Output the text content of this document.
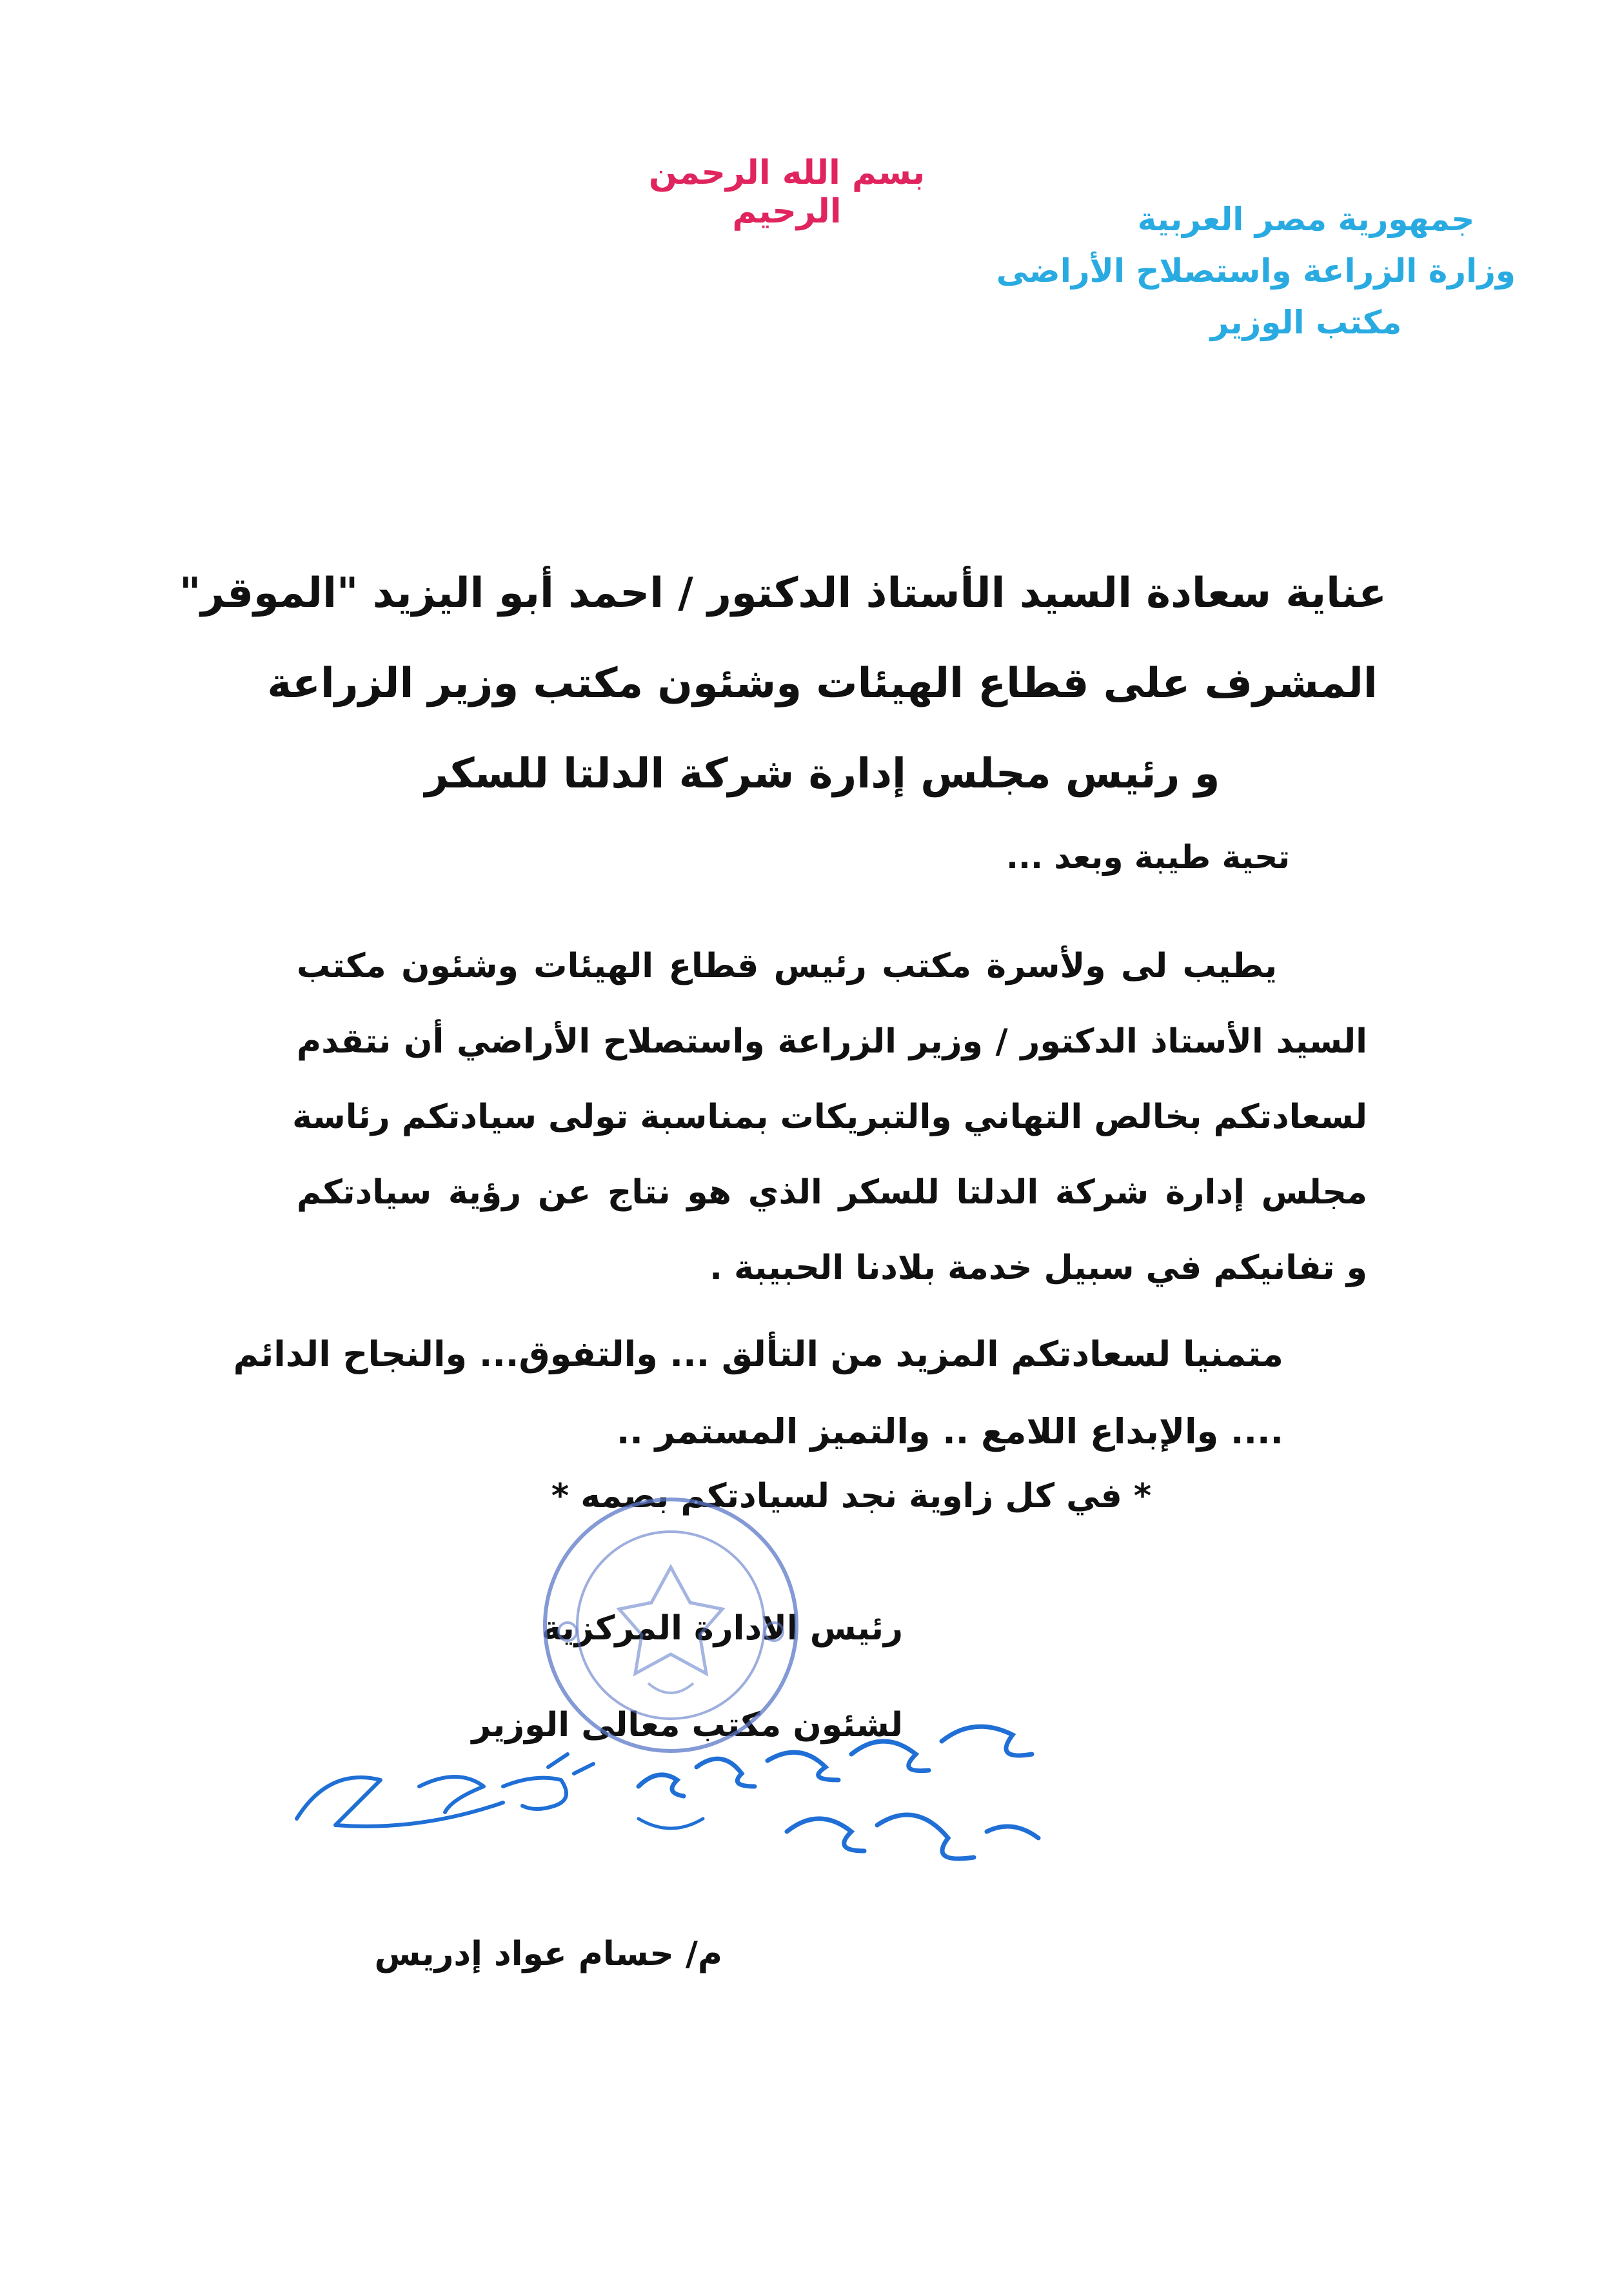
بسم الله الرحمن الرحيم	جمهورية مصر العربية
وزارة الزراعة واستصلاح الأراضى
مكتب الوزير
عناية سعادة السيد الأستاذ الدكتور / احمد أبو اليزيد "الموقر"
المشرف على قطاع الهيئات وشئون مكتب وزير الزراعة
و رئيس مجلس إدارة شركة الدلتا للسكر
تحية طيبة وبعد ...
يطيب لى ولأسرة مكتب رئيس قطاع الهيئات وشئون مكتب
السيد الأستاذ الدكتور / وزير الزراعة واستصلاح الأراضي أن نتقدم
لسعادتكم بخالص التهاني والتبريكات بمناسبة تولى سيادتكم رئاسة
مجلس إدارة شركة الدلتا للسكر الذي هو نتاج عن رؤية سيادتكم
و تفانيكم في سبيل خدمة بلادنا الحبيبة .
متمنيا لسعادتكم المزيد من التألق ... والتفوق... والنجاح الدائم
.... والإبداع اللامع .. والتميز المستمر ..
* في كل زاوية نجد لسيادتكم بصمه *
رئيس الادارة المركزية
لشئون مكتب معالى الوزير
م/ حسام عواد إدريس
